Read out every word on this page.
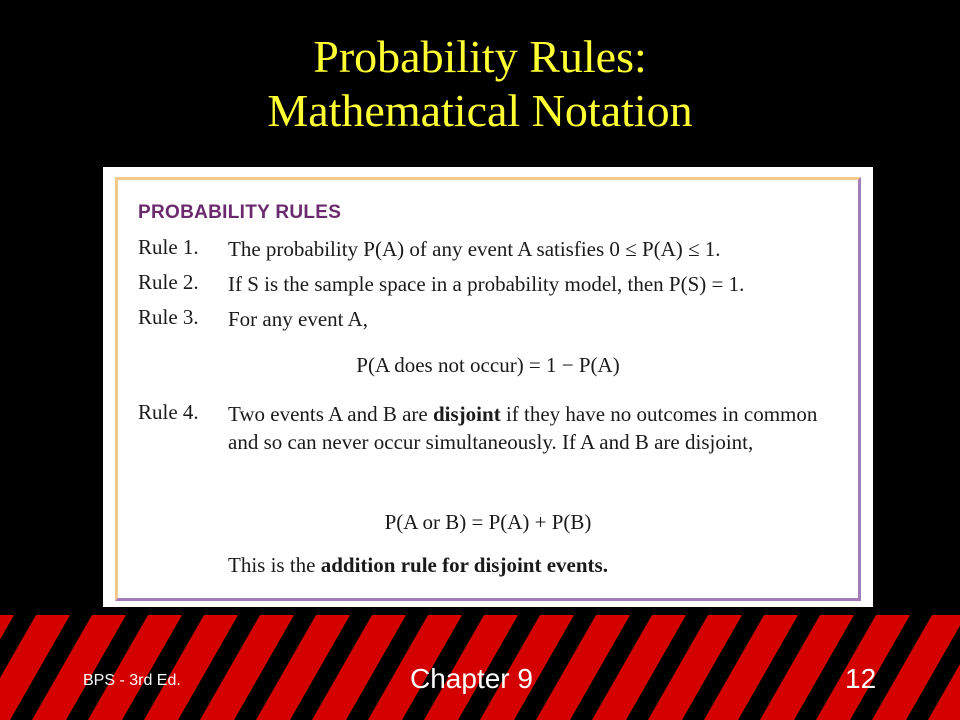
Probability Rules:
Mathematical Notation
PROBABILITY RULES
Rule 1.	The probability P(A) of any event A satisfies 0 ≤ P(A) ≤ 1.
Rule 2.	If S is the sample space in a probability model, then P(S) = 1.
Rule 3.	For any event A,
P(A does not occur) = 1 − P(A)
Rule 4.	Two events A and B are disjoint if they have no outcomes in common and so can never occur simultaneously. If A and B are disjoint,
P(A or B) = P(A) + P(B)
This is the addition rule for disjoint events.
BPS - 3rd Ed.	Chapter 9	12
